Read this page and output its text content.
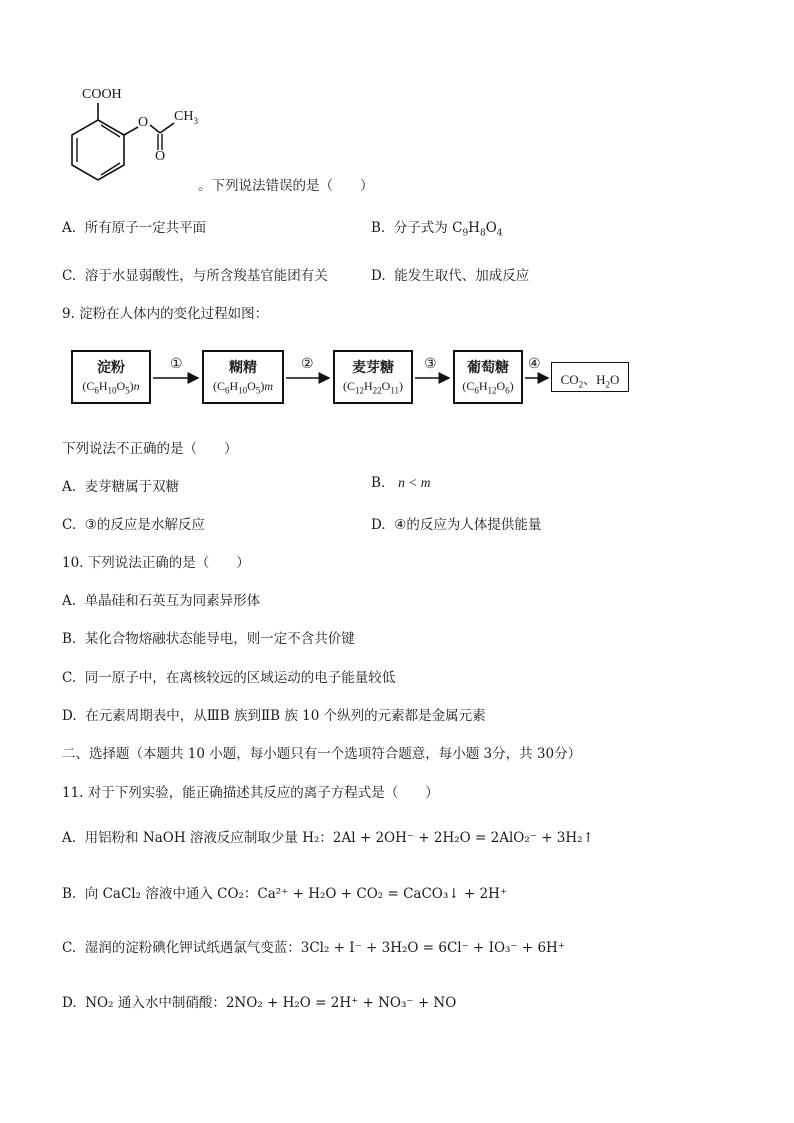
COOH
O $CH_3$
O
。下列说法错误的是（　　）
A. 所有原子一定共平面	B. 分子式为 $C_9H_8O_4$
C. 溶于水显弱酸性，与所含羧基官能团有关	D. 能发生取代、加成反应
9. 淀粉在人体内的变化过程如图：
淀粉
$(C_6H_{10}O_5)n$
糊精
$(C_6H_{10}O_5)m$
麦芽糖
$(C_{12}H_{22}O_{11})$
葡萄糖
$(C_6H_{12}O_6)$	$CO_2$、$H_2O$
①	②	③	④
下列说法不正确的是（　　）
A. 麦芽糖属于双糖	B. n < m
C. ③的反应是水解反应	D. ④的反应为人体提供能量
10. 下列说法正确的是（　　）
A. 单晶硅和石英互为同素异形体
B. 某化合物熔融状态能导电，则一定不含共价键
C. 同一原子中，在离核较远的区域运动的电子能量较低
D. 在元素周期表中，从ⅢB 族到ⅡB 族 10 个纵列的元素都是金属元素
二、选择题（本题共 10 小题，每小题只有一个选项符合题意，每小题 3分，共 30分）
11. 对于下列实验，能正确描述其反应的离子方程式是（　　）
A. 用铝粉和 NaOH 溶液反应制取少量 H₂：2Al + 2OH⁻ + 2H₂O = 2AlO₂⁻ + 3H₂↑
B. 向 CaCl₂ 溶液中通入 CO₂：Ca²⁺ + H₂O + CO₂ = CaCO₃↓ + 2H⁺
C. 湿润的淀粉碘化钾试纸遇氯气变蓝：3Cl₂ + I⁻ + 3H₂O = 6Cl⁻ + IO₃⁻ + 6H⁺
D. NO₂ 通入水中制硝酸：2NO₂ + H₂O = 2H⁺ + NO₃⁻ + NO
